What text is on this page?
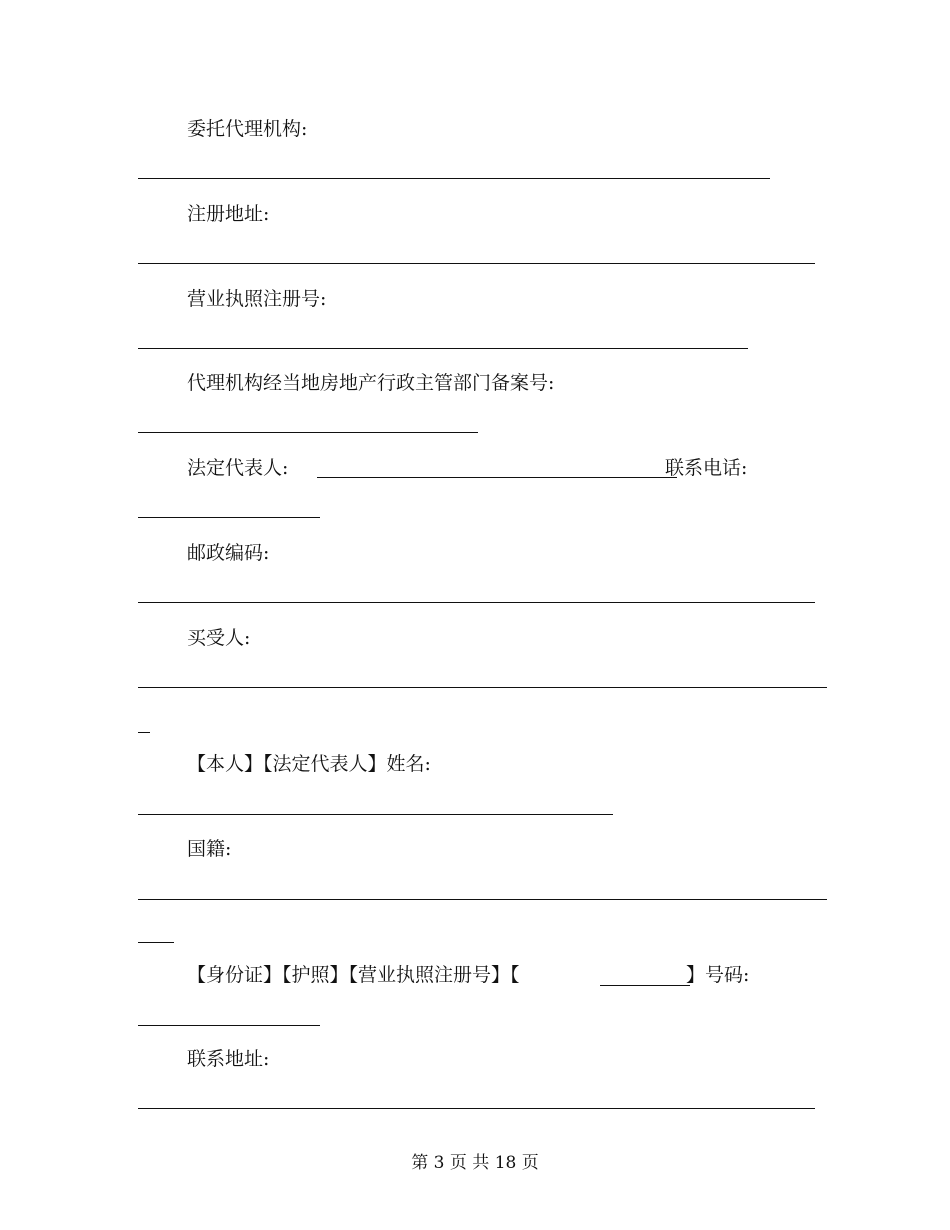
委托代理机构:
注册地址:
营业执照注册号:
代理机构经当地房地产行政主管部门备案号:
法定代表人:	联系电话:
邮政编码:
买受人:
【本人】【法定代表人】姓名:
国籍:
【身份证】【护照】【营业执照注册号】【	】号码:
联系地址:
第 3 页 共 18 页
